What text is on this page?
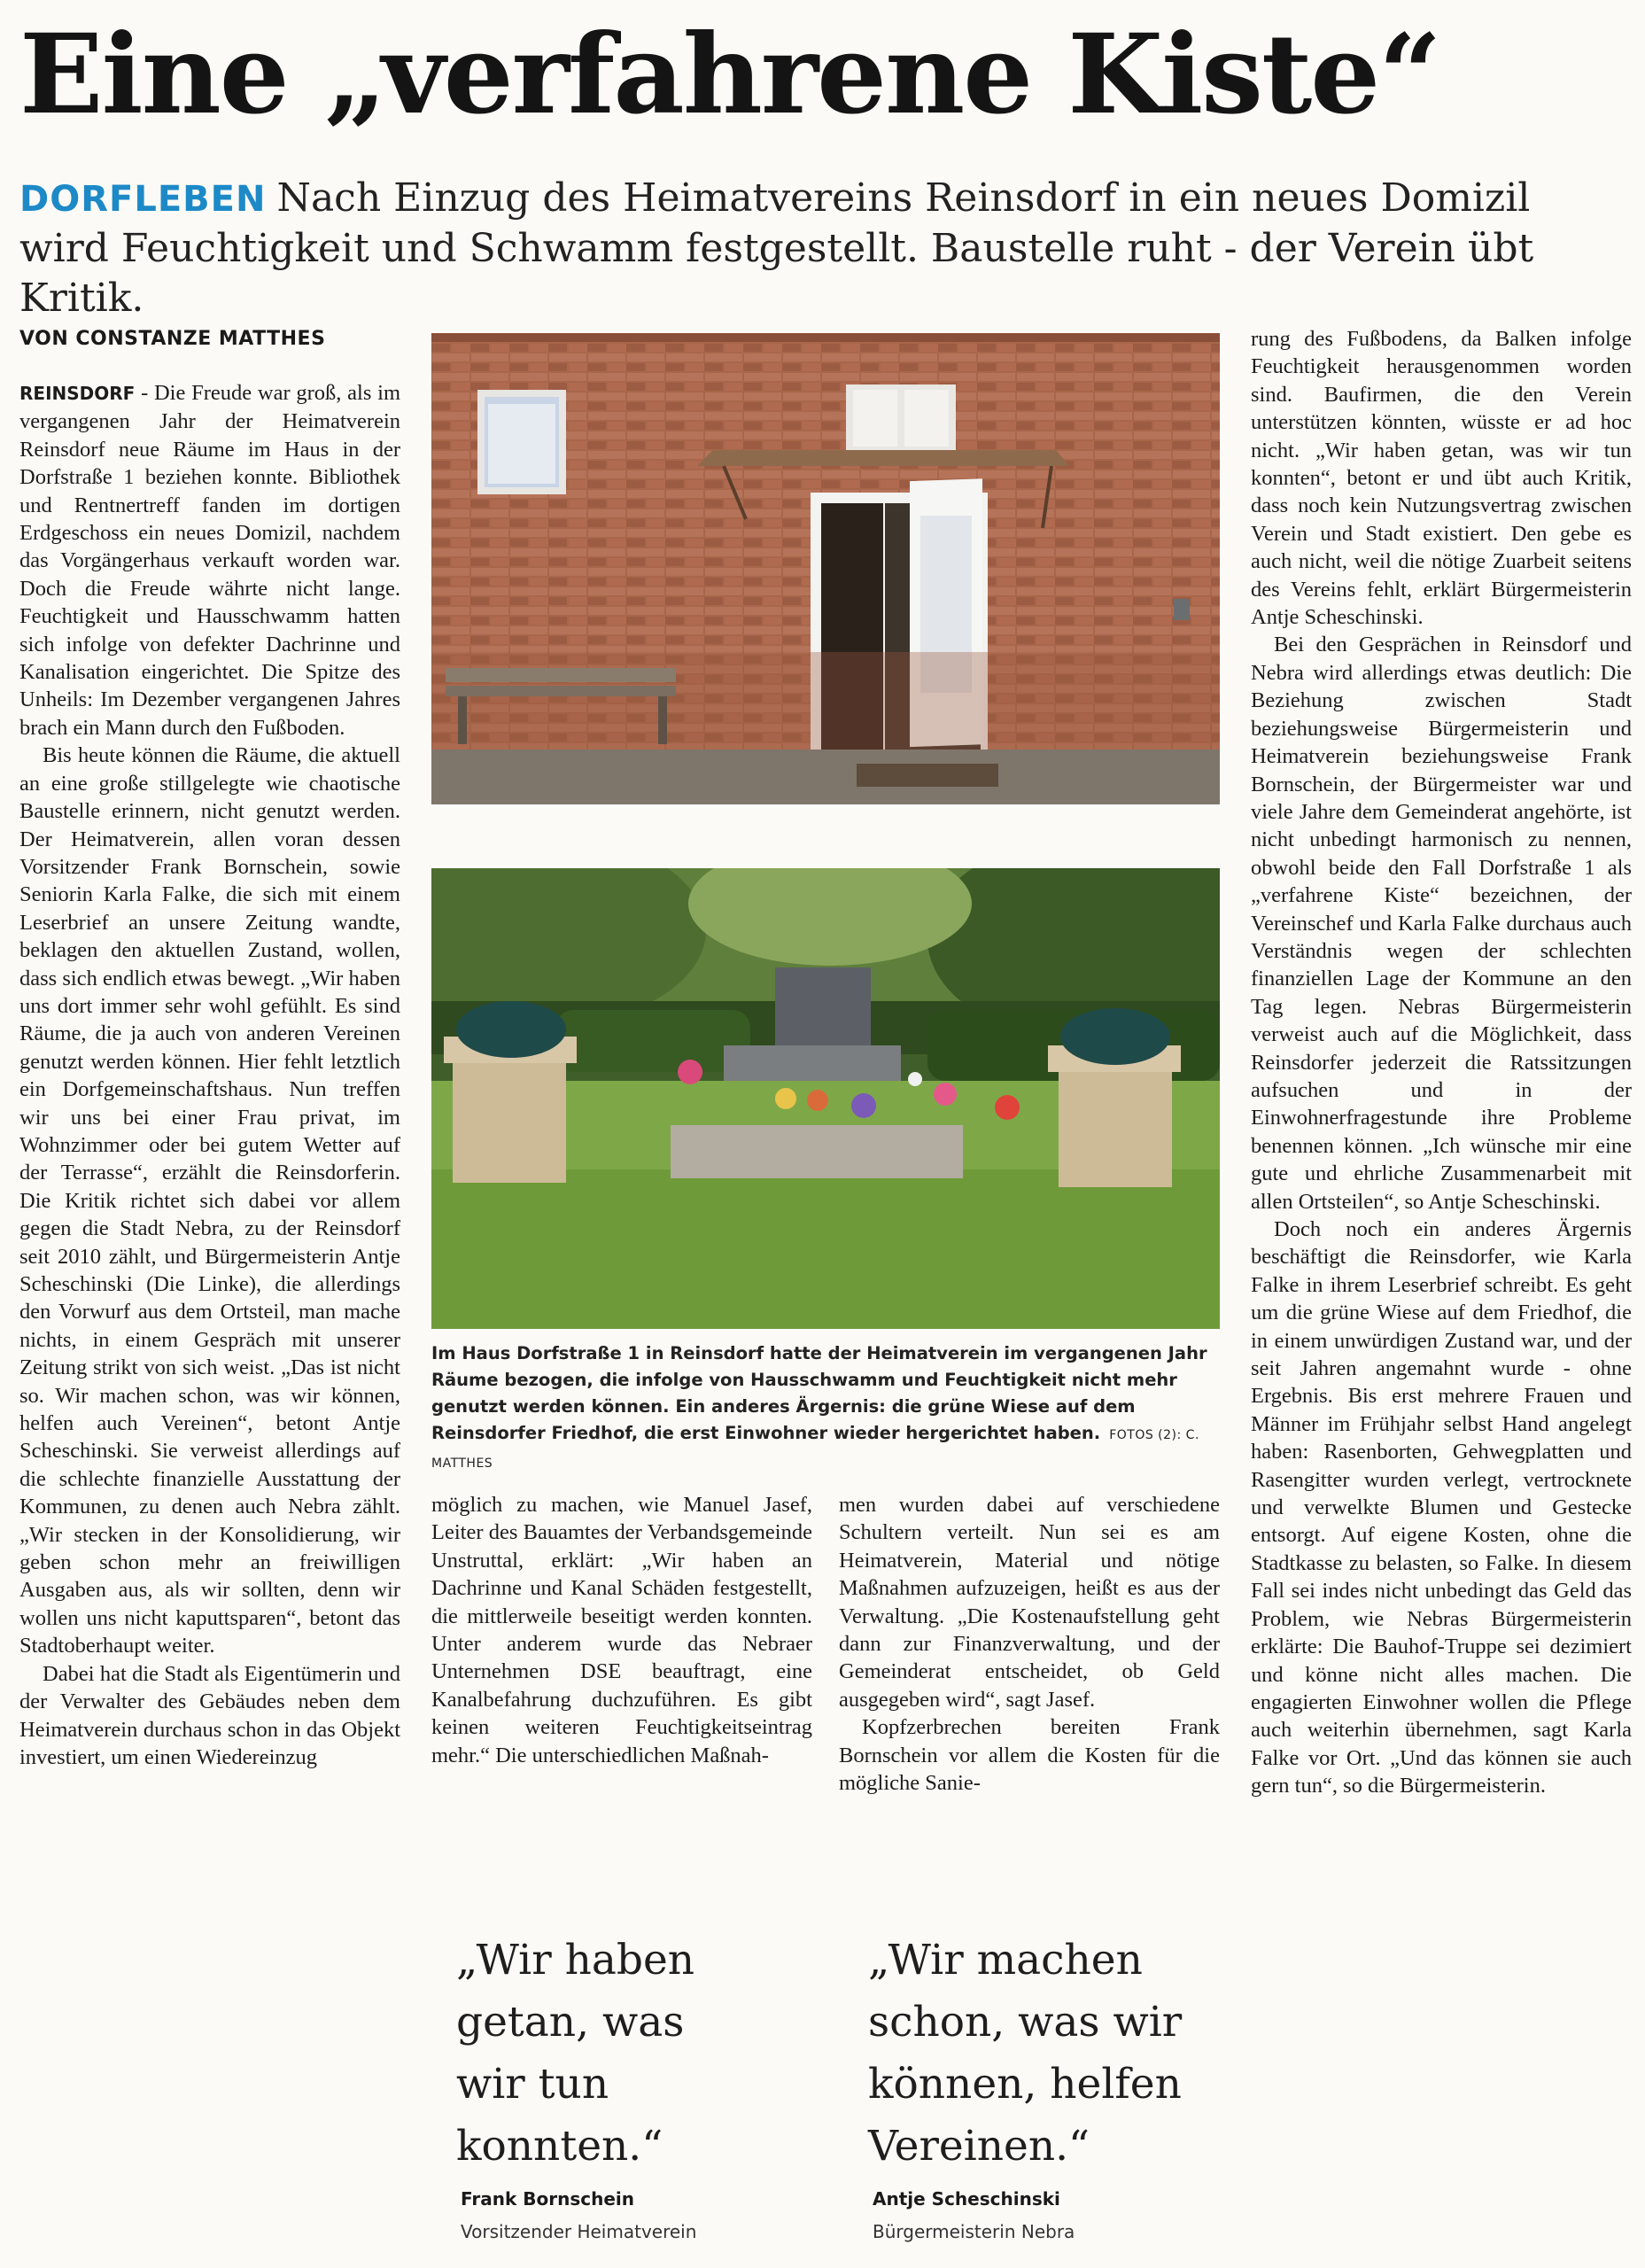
Eine „verfahrene Kiste“
DORFLEBEN Nach Einzug des Heimatvereins Reinsdorf in ein neues Domizil wird Feuchtigkeit und Schwamm festgestellt. Baustelle ruht - der Verein übt Kritik.
VON CONSTANZE MATTHES

REINSDORF - Die Freude war groß, als im vergangenen Jahr der Heimatverein Reinsdorf neue Räume im Haus in der Dorfstraße 1 beziehen konnte. Bibliothek und Rentnertreff fanden im dortigen Erdgeschoss ein neues Domizil, nachdem das Vorgängerhaus verkauft worden war. Doch die Freude währte nicht lange. Feuchtigkeit und Hausschwamm hatten sich infolge von defekter Dachrinne und Kanalisation eingerichtet. Die Spitze des Unheils: Im Dezember vergangenen Jahres brach ein Mann durch den Fußboden.

Bis heute können die Räume, die aktuell an eine große stillgelegte wie chaotische Baustelle erinnern, nicht genutzt werden. Der Heimatverein, allen voran dessen Vorsitzender Frank Bornschein, sowie Seniorin Karla Falke, die sich mit einem Leserbrief an unsere Zeitung wandte, beklagen den aktuellen Zustand, wollen, dass sich endlich etwas bewegt. „Wir haben uns dort immer sehr wohl gefühlt. Es sind Räume, die ja auch von anderen Vereinen genutzt werden können. Hier fehlt letztlich ein Dorfgemeinschaftshaus. Nun treffen wir uns bei einer Frau privat, im Wohnzimmer oder bei gutem Wetter auf der Terrasse“, erzählt die Reinsdorferin. Die Kritik richtet sich dabei vor allem gegen die Stadt Nebra, zu der Reinsdorf seit 2010 zählt, und Bürgermeisterin Antje Scheschinski (Die Linke), die allerdings den Vorwurf aus dem Ortsteil, man mache nichts, in einem Gespräch mit unserer Zeitung strikt von sich weist. „Das ist nicht so. Wir machen schon, was wir können, helfen auch Vereinen“, betont Antje Scheschinski. Sie verweist allerdings auf die schlechte finanzielle Ausstattung der Kommunen, zu denen auch Nebra zählt. „Wir stecken in der Konsolidierung, wir geben schon mehr an freiwilligen Ausgaben aus, als wir sollten, denn wir wollen uns nicht kaputtsparen“, betont das Stadtoberhaupt weiter.

Dabei hat die Stadt als Eigentümerin und der Verwalter des Gebäudes neben dem Heimatverein durchaus schon in das Objekt investiert, um einen Wiedereinzug

Im Haus Dorfstraße 1 in Reinsdorf hatte der Heimatverein im vergangenen Jahr Räume bezogen, die infolge von Hausschwamm und Feuchtigkeit nicht mehr genutzt werden können. Ein anderes Ärgernis: die grüne Wiese auf dem Reinsdorfer Friedhof, die erst Einwohner wieder hergerichtet haben. FOTOS (2): C. MATTHES

möglich zu machen, wie Manuel Jasef, Leiter des Bauamtes der Verbandsgemeinde Unstruttal, erklärt: „Wir haben an Dachrinne und Kanal Schäden festgestellt, die mittlerweile beseitigt werden konnten. Unter anderem wurde das Nebraer Unternehmen DSE beauftragt, eine Kanalbefahrung duchzuführen. Es gibt keinen weiteren Feuchtigkeitseintrag mehr.“ Die unterschiedlichen Maßnah-

men wurden dabei auf verschiedene Schultern verteilt. Nun sei es am Heimatverein, Material und nötige Maßnahmen aufzuzeigen, heißt es aus der Verwaltung. „Die Kostenaufstellung geht dann zur Finanzverwaltung, und der Gemeinderat entscheidet, ob Geld ausgegeben wird“, sagt Jasef.

Kopfzerbrechen bereiten Frank Bornschein vor allem die Kosten für die mögliche Sanie-

„Wir haben
getan, was
wir tun
konnten.“
Frank Bornschein
Vorsitzender Heimatverein
„Wir machen
schon, was wir
können, helfen
Vereinen.“
Antje Scheschinski
Bürgermeisterin Nebra

rung des Fußbodens, da Balken infolge Feuchtigkeit herausgenommen worden sind. Baufirmen, die den Verein unterstützen könnten, wüsste er ad hoc nicht. „Wir haben getan, was wir tun konnten“, betont er und übt auch Kritik, dass noch kein Nutzungsvertrag zwischen Verein und Stadt existiert. Den gebe es auch nicht, weil die nötige Zuarbeit seitens des Vereins fehlt, erklärt Bürgermeisterin Antje Scheschinski.

Bei den Gesprächen in Reinsdorf und Nebra wird allerdings etwas deutlich: Die Beziehung zwischen Stadt beziehungsweise Bürgermeisterin und Heimatverein beziehungsweise Frank Bornschein, der Bürgermeister war und viele Jahre dem Gemeinderat angehörte, ist nicht unbedingt harmonisch zu nennen, obwohl beide den Fall Dorfstraße 1 als „verfahrene Kiste“ bezeichnen, der Vereinschef und Karla Falke durchaus auch Verständnis wegen der schlechten finanziellen Lage der Kommune an den Tag legen. Nebras Bürgermeisterin verweist auch auf die Möglichkeit, dass Reinsdorfer jederzeit die Ratssitzungen aufsuchen und in der Einwohnerfragestunde ihre Probleme benennen können. „Ich wünsche mir eine gute und ehrliche Zusammenarbeit mit allen Ortsteilen“, so Antje Scheschinski.

Doch noch ein anderes Ärgernis beschäftigt die Reinsdorfer, wie Karla Falke in ihrem Leserbrief schreibt. Es geht um die grüne Wiese auf dem Friedhof, die in einem unwürdigen Zustand war, und der seit Jahren angemahnt wurde - ohne Ergebnis. Bis erst mehrere Frauen und Männer im Frühjahr selbst Hand angelegt haben: Rasenborten, Gehwegplatten und Rasengitter wurden verlegt, vertrocknete und verwelkte Blumen und Gestecke entsorgt. Auf eigene Kosten, ohne die Stadtkasse zu belasten, so Falke. In diesem Fall sei indes nicht unbedingt das Geld das Problem, wie Nebras Bürgermeisterin erklärte: Die Bauhof-Truppe sei dezimiert und könne nicht alles machen. Die engagierten Einwohner wollen die Pflege auch weiterhin übernehmen, sagt Karla Falke vor Ort. „Und das können sie auch gern tun“, so die Bürgermeisterin.
